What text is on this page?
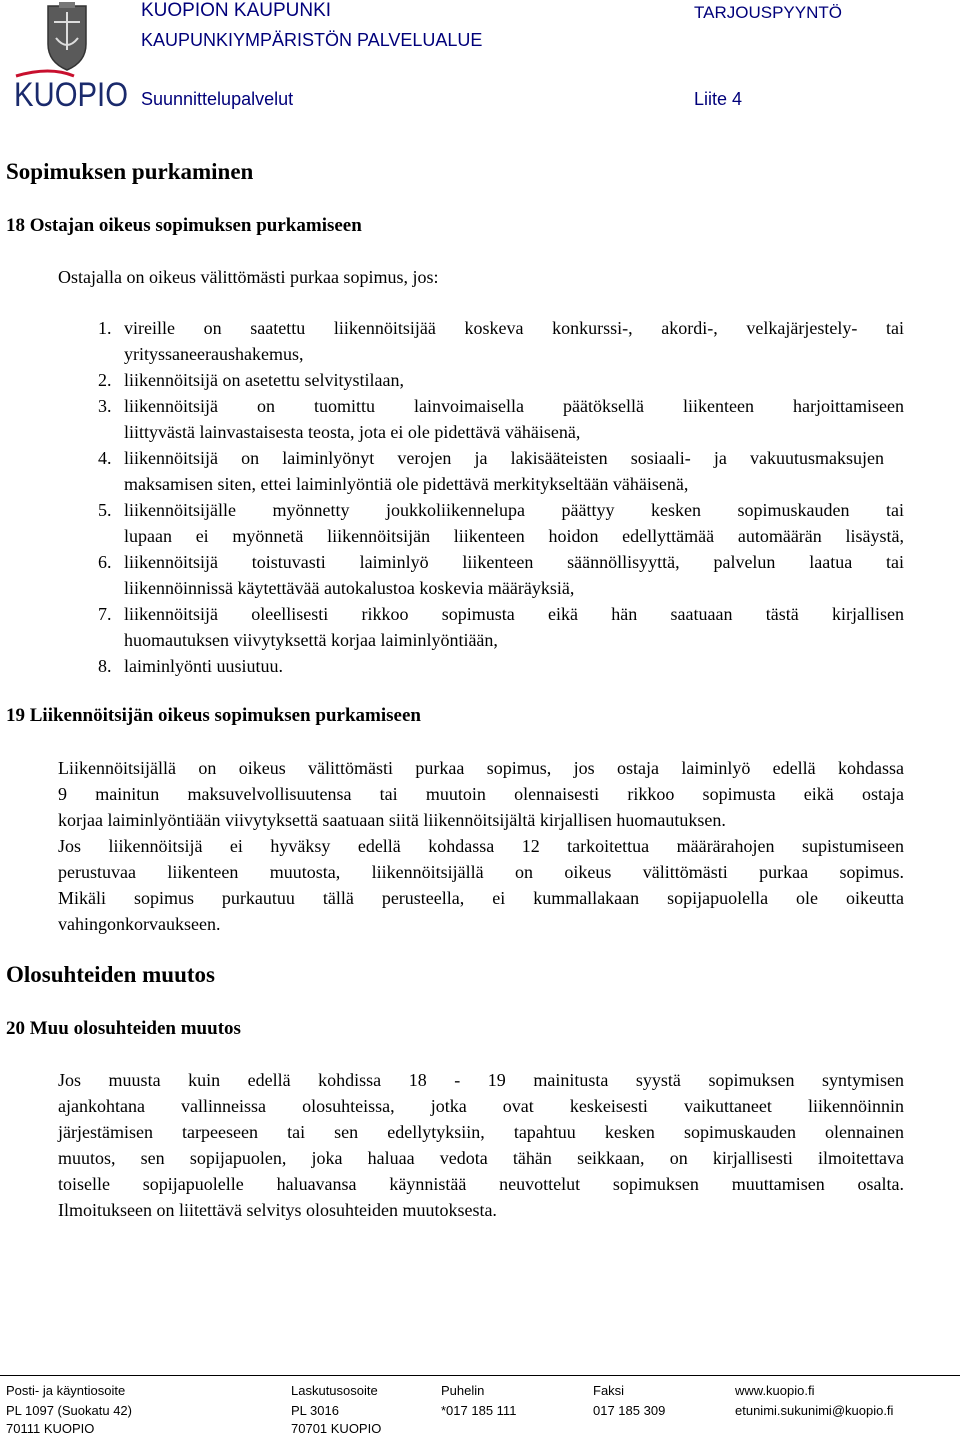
KUOPIO
KUOPION KAUPUNKI
KAUPUNKIYMPÄRISTÖN PALVELUALUE
Suunnittelupalvelut
TARJOUSPYYNTÖ
Liite 4
Sopimuksen purkaminen
18 Ostajan oikeus sopimuksen purkamiseen
Ostajalla on oikeus välittömästi purkaa sopimus, jos:
1. vireille on saatettu liikennöitsijää koskeva konkurssi-, akordi-, velkajärjestely- tai
yrityssaneeraushakemus,
2. liikennöitsijä on asetettu selvitystilaan,
3. liikennöitsijä on tuomittu lainvoimaisella päätöksellä liikenteen harjoittamiseen
liittyvästä lainvastaisesta teosta, jota ei ole pidettävä vähäisenä,
4. liikennöitsijä on laiminlyönyt verojen ja lakisääteisten sosiaali- ja vakuutusmaksujen
maksamisen siten, ettei laiminlyöntiä ole pidettävä merkitykseltään vähäisenä,
5. liikennöitsijälle myönnetty joukkoliikennelupa päättyy kesken sopimuskauden tai
lupaan ei myönnetä liikennöitsijän liikenteen hoidon edellyttämää automäärän lisäystä,
6. liikennöitsijä toistuvasti laiminlyö liikenteen säännöllisyyttä, palvelun laatua tai
liikennöinnissä käytettävää autokalustoa koskevia määräyksiä,
7. liikennöitsijä oleellisesti rikkoo sopimusta eikä hän saatuaan tästä kirjallisen
huomautuksen viivytyksettä korjaa laiminlyöntiään,
8. laiminlyönti uusiutuu.
19 Liikennöitsijän oikeus sopimuksen purkamiseen
Liikennöitsijällä on oikeus välittömästi purkaa sopimus, jos ostaja laiminlyö edellä kohdassa
9 mainitun maksuvelvollisuutensa tai muutoin olennaisesti rikkoo sopimusta eikä ostaja
korjaa laiminlyöntiään viivytyksettä saatuaan siitä liikennöitsijältä kirjallisen huomautuksen.
Jos liikennöitsijä ei hyväksy edellä kohdassa 12 tarkoitettua määrärahojen supistumiseen
perustuvaa liikenteen muutosta, liikennöitsijällä on oikeus välittömästi purkaa sopimus.
Mikäli sopimus purkautuu tällä perusteella, ei kummallakaan sopijapuolella ole oikeutta
vahingonkorvaukseen.
Olosuhteiden muutos
20 Muu olosuhteiden muutos
Jos muusta kuin edellä kohdissa 18 - 19 mainitusta syystä sopimuksen syntymisen
ajankohtana vallinneissa olosuhteissa, jotka ovat keskeisesti vaikuttaneet liikennöinnin
järjestämisen tarpeeseen tai sen edellytyksiin, tapahtuu kesken sopimuskauden olennainen
muutos, sen sopijapuolen, joka haluaa vedota tähän seikkaan, on kirjallisesti ilmoitettava
toiselle sopijapuolelle haluavansa käynnistää neuvottelut sopimuksen muuttamisen osalta.
Ilmoitukseen on liitettävä selvitys olosuhteiden muutoksesta.
Posti- ja käyntiosoite
PL 1097 (Suokatu 42)
70111 KUOPIO
Laskutusosoite
PL 3016
70701 KUOPIO
Puhelin
*017 185 111
Faksi
017 185 309
www.kuopio.fi
etunimi.sukunimi@kuopio.fi
